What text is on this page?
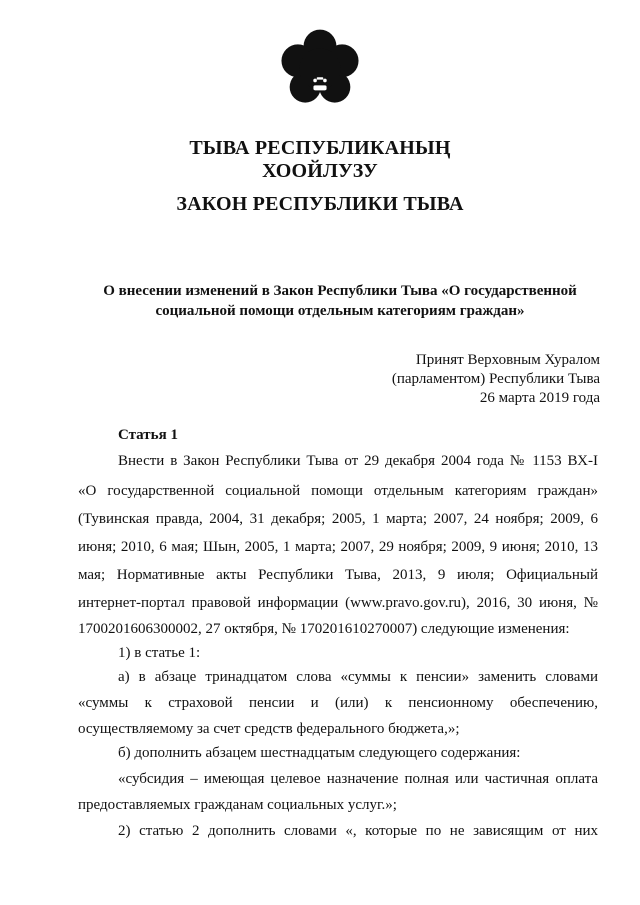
ТЫВА РЕСПУБЛИКАНЫҢ
ХООЙЛУЗУ
ЗАКОН РЕСПУБЛИКИ ТЫВА
О внесении изменений в Закон Республики Тыва «О государственной
социальной помощи отдельным категориям граждан»
Принят Верховным Хуралом
(парламентом) Республики Тыва
26 марта 2019 года
Статья 1
Внести в Закон Республики Тыва от 29 декабря 2004 года № 1153 ВХ-I
«О государственной социальной помощи отдельным категориям граждан»
(Тувинская правда, 2004, 31 декабря; 2005, 1 марта; 2007, 24 ноября; 2009, 6
июня; 2010, 6 мая; Шын, 2005, 1 марта; 2007, 29 ноября; 2009, 9 июня; 2010, 13
мая; Нормативные акты Республики Тыва, 2013, 9 июля; Официальный
интернет-портал правовой информации (www.pravo.gov.ru), 2016, 30 июня, №
1700201606300002, 27 октября, № 170201610270007) следующие изменения:
1) в статье 1:
а) в абзаце тринадцатом слова «суммы к пенсии» заменить словами
«суммы к страховой пенсии и (или) к пенсионному обеспечению,
осуществляемому за счет средств федерального бюджета,»;
б) дополнить абзацем шестнадцатым следующего содержания:
«субсидия – имеющая целевое назначение полная или частичная оплата
предоставляемых гражданам социальных услуг.»;
2) статью 2 дополнить словами «, которые по не зависящим от них
